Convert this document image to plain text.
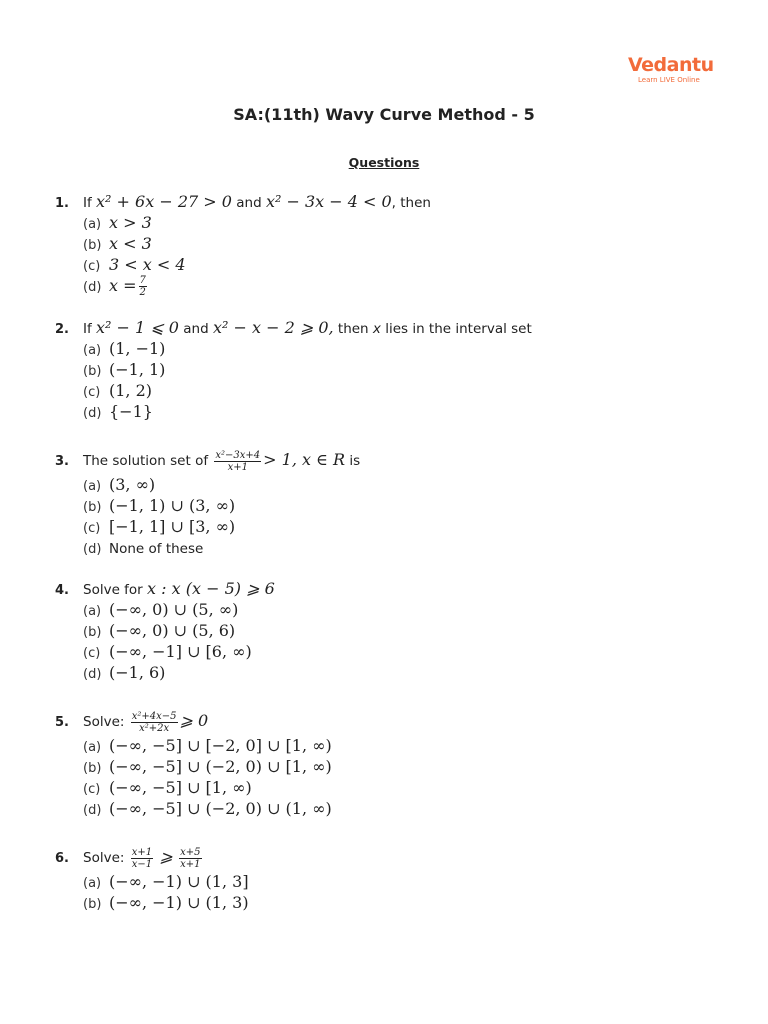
Vedantu
Learn LIVE Online
SA:(11th) Wavy Curve Method - 5
Questions
1. If x² + 6x − 27 > 0 and x² − 3x − 4 < 0, then
(a) x > 3
(b) x < 3
(c) 3 < x < 4
(d) $x = \frac{7}{2}$
2. If x² − 1 ⩽ 0 and x² − x − 2 ⩾ 0, then x lies in the interval set
(a) (1, −1)
(b) (−1, 1)
(c) (1, 2)
(d) {−1}
3. The solution set of $\frac{\text{x²−3x+4}}{x+1} > 1$, x ∈ R is
(a) (3, ∞)
(b) (−1, 1) ∪ (3, ∞)
(c) [−1, 1] ∪ [3, ∞)
(d) None of these
4. Solve for x : x (x − 5) ⩾ 6
(a) (−∞, 0) ∪ (5, ∞)
(b) (−∞, 0) ∪ (5, 6)
(c) (−∞, −1] ∪ [6, ∞)
(d) (−1, 6)
5. Solve: $\frac{\text{x²+4x−5}}{\text{x²+2x}}$ ⩾ 0
(a) (−∞, −5] ∪ [−2, 0] ∪ [1, ∞)
(b) (−∞, −5] ∪ (−2, 0) ∪ [1, ∞)
(c) (−∞, −5] ∪ [1, ∞)
(d) (−∞, −5] ∪ (−2, 0) ∪ (1, ∞)
6. Solve: $\frac{x+1}{x-1}$ ⩾ $\frac{x+5}{x+1}$
(a) (−∞, −1) ∪ (1, 3]
(b) (−∞, −1) ∪ (1, 3)
